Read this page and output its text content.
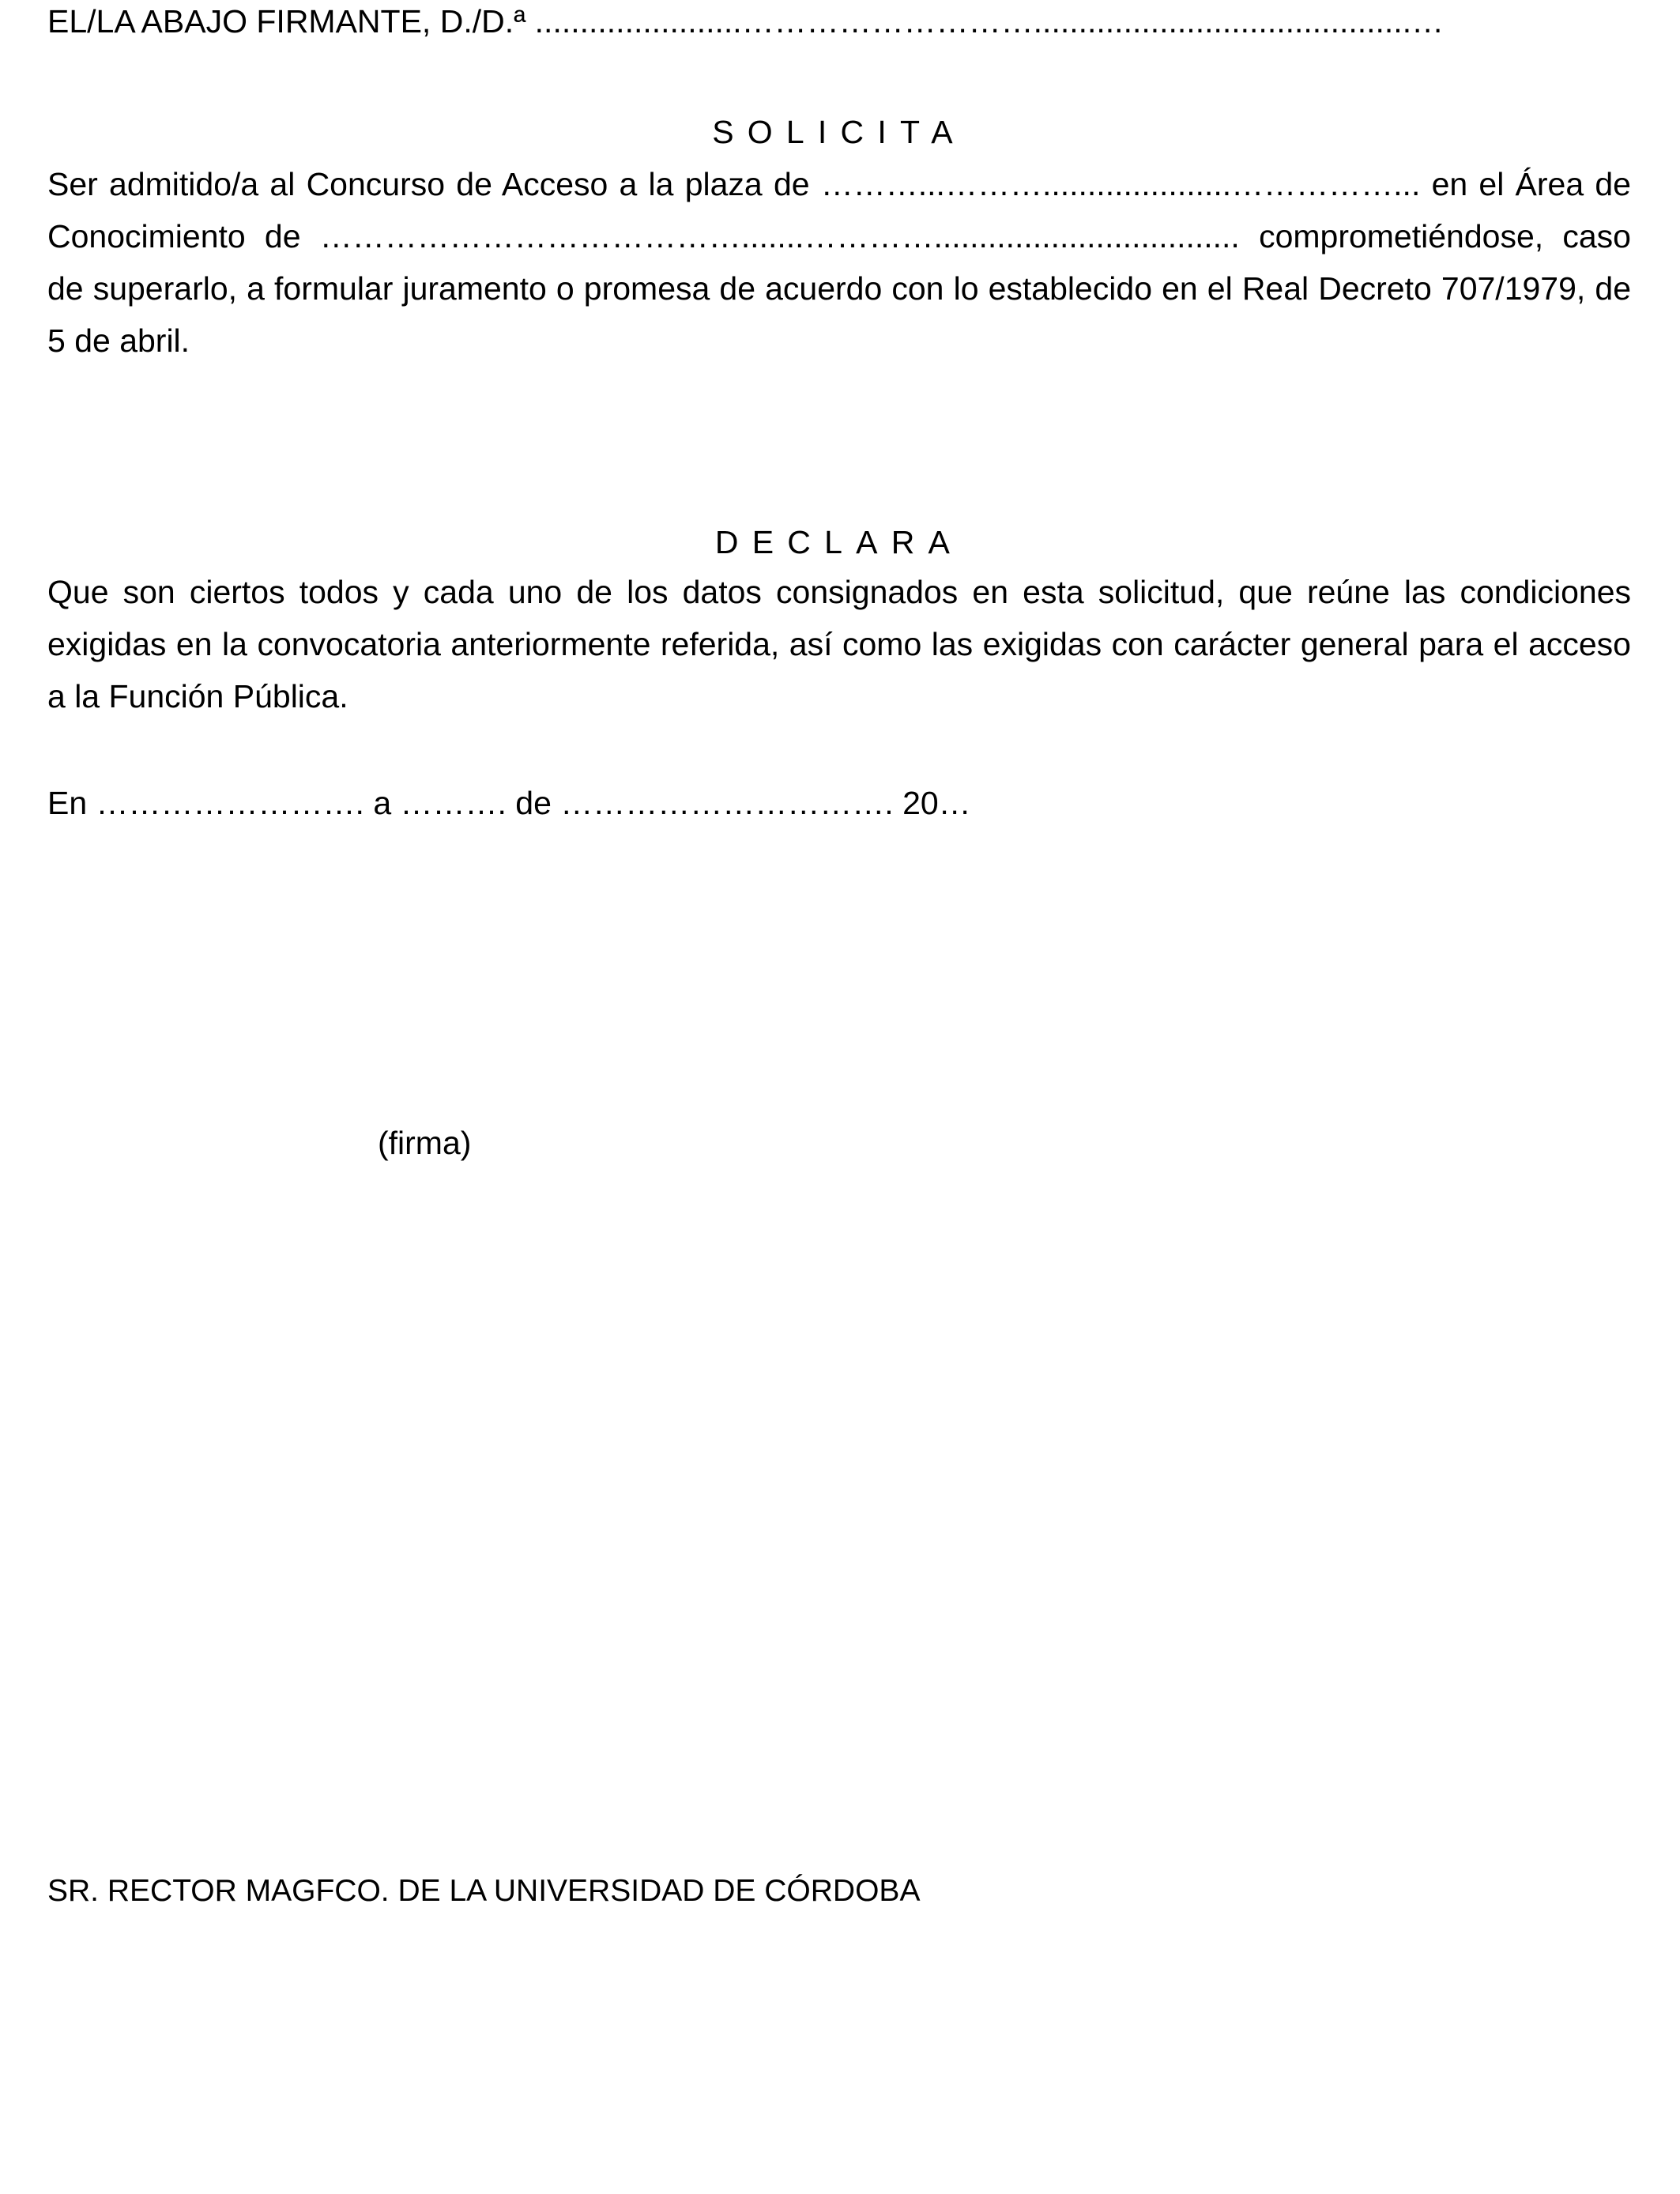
EL/LA ABAJO FIRMANTE, D./D.ª .......................………………………..........................................…

SOLICITA

Ser admitido/a al Concurso de Acceso a la plaza de ………...……….....................……………... en el Área de Conocimiento de ………………………………….......………….................................. comprometiéndose, caso de superarlo, a formular juramento o promesa de acuerdo con lo establecido en el Real Decreto 707/1979, de 5 de abril.

DECLARA

Que son ciertos todos y cada uno de los datos consignados en esta solicitud, que reúne las condiciones exigidas en la convocatoria anteriormente referida, así como las exigidas con carácter general para el acceso a la Función Pública.

En ……………………. a ………. de …………………………. 20…

(firma)

SR. RECTOR MAGFCO. DE LA UNIVERSIDAD DE CÓRDOBA
